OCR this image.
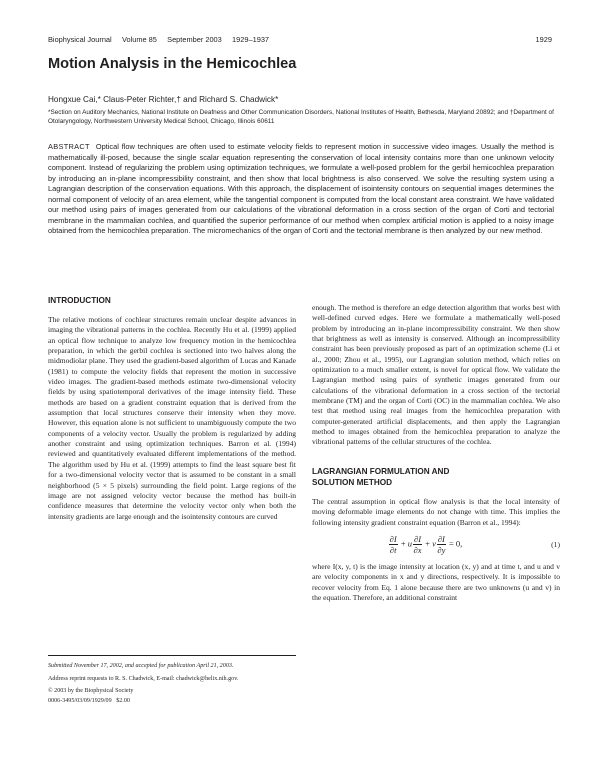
Biophysical Journal     Volume 85     September 2003     1929–1937	1929
Motion Analysis in the Hemicochlea
Hongxue Cai,* Claus-Peter Richter,† and Richard S. Chadwick*
*Section on Auditory Mechanics, National Institute on Deafness and Other Communication Disorders, National Institutes of Health, Bethesda, Maryland 20892; and †Department of Otolaryngology, Northwestern University Medical School, Chicago, Illinois 60611
ABSTRACT Optical flow techniques are often used to estimate velocity fields to represent motion in successive video images. Usually the method is mathematically ill-posed, because the single scalar equation representing the conservation of local intensity contains more than one unknown velocity component. Instead of regularizing the problem using optimization techniques, we formulate a well-posed problem for the gerbil hemicochlea preparation by introducing an in-plane incompressibility constraint, and then show that local brightness is also conserved. We solve the resulting system using a Lagrangian description of the conservation equations. With this approach, the displacement of isointensity contours on sequential images determines the normal component of velocity of an area element, while the tangential component is computed from the local constant area constraint. We have validated our method using pairs of images generated from our calculations of the vibrational deformation in a cross section of the organ of Corti and tectorial membrane in the mammalian cochlea, and quantified the superior performance of our method when complex artificial motion is applied to a noisy image obtained from the hemicochlea preparation. The micromechanics of the organ of Corti and the tectorial membrane is then analyzed by our new method.
INTRODUCTION

The relative motions of cochlear structures remain unclear despite advances in imaging the vibrational patterns in the cochlea. Recently Hu et al. (1999) applied an optical flow technique to analyze low frequency motion in the hemicochlea preparation, in which the gerbil cochlea is sectioned into two halves along the midmodiolar plane. They used the gradient-based algorithm of Lucas and Kanade (1981) to compute the velocity fields that represent the motion in successive video images. The gradient-based methods estimate two-dimensional velocity fields by using spatiotemporal derivatives of the image intensity field. These methods are based on a gradient constraint equation that is derived from the assumption that local structures conserve their intensity when they move. However, this equation alone is not sufficient to unambiguously compute the two components of a velocity vector. Usually the problem is regularized by adding another constraint and using optimization techniques. Barron et al. (1994) reviewed and quantitatively evaluated different implementations of the method. The algorithm used by Hu et al. (1999) attempts to find the least square best fit for a two-dimensional velocity vector that is assumed to be constant in a small neighborhood (5 × 5 pixels) surrounding the field point. Large regions of the image are not assigned velocity vector because the method has built-in confidence measures that determine the velocity vector only when both the intensity gradients are large enough and the isointensity contours are curved

Submitted November 17, 2002, and accepted for publication April 21, 2003.

Address reprint requests to R. S. Chadwick, E-mail: chadwick@helix.nih.gov.

© 2003 by the Biophysical Society

0006-3495/03/09/1929/09   $2.00

enough. The method is therefore an edge detection algorithm that works best with well-defined curved edges. Here we formulate a mathematically well-posed problem by introducing an in-plane incompressibility constraint. We then show that brightness as well as intensity is conserved. Although an incompressibility constraint has been previously proposed as part of an optimization scheme (Li et al., 2000; Zhou et al., 1995), our Lagrangian solution method, which relies on optimization to a much smaller extent, is novel for optical flow. We validate the Lagrangian method using pairs of synthetic images generated from our calculations of the vibrational deformation in a cross section of the tectorial membrane (TM) and the organ of Corti (OC) in the mammalian cochlea. We also test that method using real images from the hemicochlea preparation with computer-generated artificial displacements, and then apply the Lagrangian method to images obtained from the hemicochlea preparation to analyze the vibrational patterns of the cellular structures of the cochlea.

LAGRANGIAN FORMULATION AND
SOLUTION METHOD

The central assumption in optical flow analysis is that the local intensity of moving deformable image elements do not change with time. This implies the following intensity gradient constraint equation (Barron et al., 1994):

$\frac{\partial I}{\partial t} + u \frac{\partial I}{\partial x} + v \frac{\partial I}{\partial y} = 0$,	(1)

where I(x, y, t) is the image intensity at location (x, y) and at time t, and u and v are velocity components in x and y directions, respectively. It is impossible to recover velocity from Eq. 1 alone because there are two unknowns (u and v) in the equation. Therefore, an additional constraint
